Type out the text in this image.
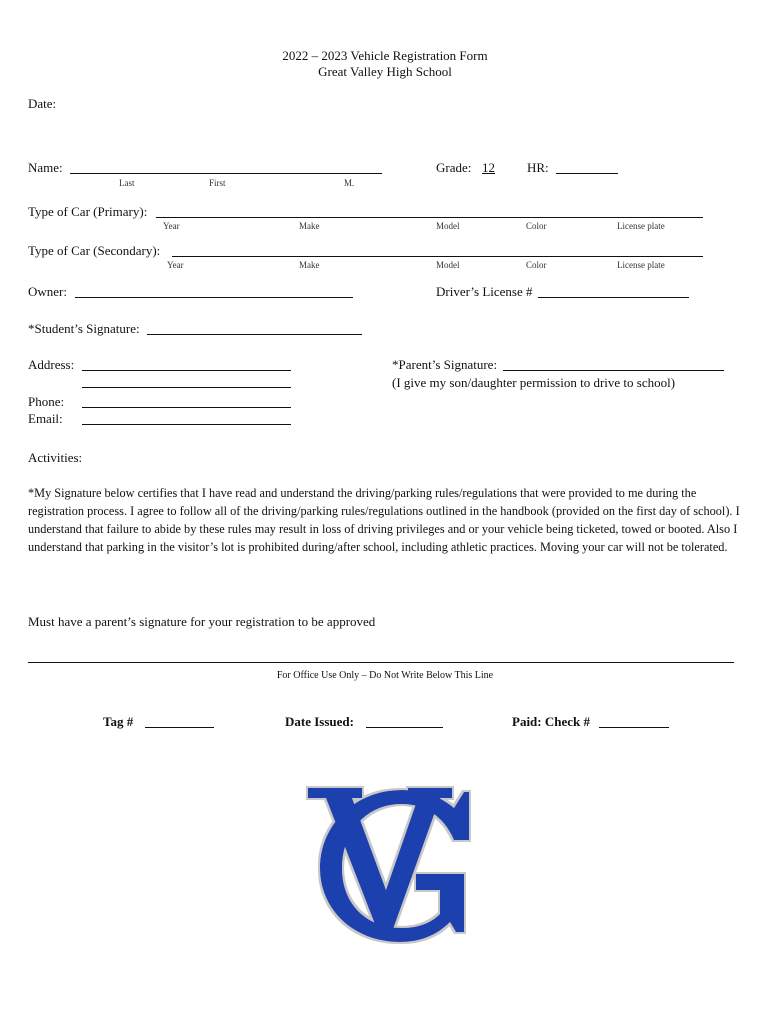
2022 – 2023 Vehicle Registration Form
Great Valley High School
Date:
Name:
Last	First	M.
Grade: 12 HR:
Type of Car (Primary):
Year	Make	Model	Color	License plate
Type of Car (Secondary):
Year	Make	Model	Color	License plate
Owner:	Driver’s License #
*Student’s Signature:
Address:	*Parent’s Signature:
(I give my son/daughter permission to drive to school)
Phone:
Email:
Activities:
*My Signature below certifies that I have read and understand the driving/parking rules/regulations that were provided to me during the registration process. I agree to follow all of the driving/parking rules/regulations outlined in the handbook (provided on the first day of school). I understand that failure to abide by these rules may result in loss of driving privileges and or your vehicle being ticketed, towed or booted. Also I understand that parking in the visitor’s lot is prohibited during/after school, including athletic practices. Moving your car will not be tolerated.
Must have a parent’s signature for your registration to be approved
For Office Use Only – Do Not Write Below This Line
Tag #	Date Issued:	Paid: Check #
